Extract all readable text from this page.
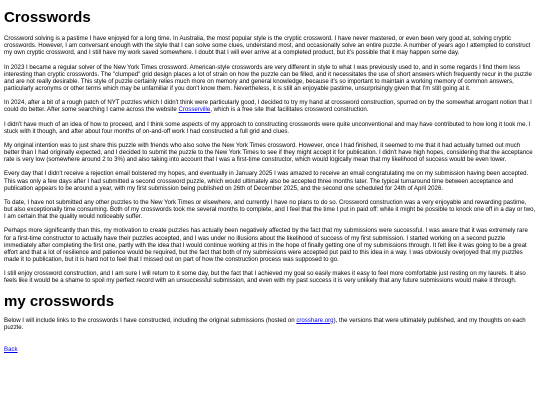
Crosswords

Crossword solving is a pastime I have enjoyed for a long time. In Australia, the most popular style is the cryptic crossword. I have never mastered, or even been very good at, solving cryptic crosswords. However, I am conversant enough with the style that I can solve some clues, understand most, and occasionally solve an entire puzzle. A number of years ago I attempted to construct my own cryptic crossword, and I still have my work saved somewhere. I doubt that I will ever arrive at a completed product, but it's possible that it may happen some day.

In 2023 I became a regular solver of the New York Times crossword. American-style crosswords are very different in style to what I was previously used to, and in some regards I find them less interesting than cryptic crosswords. The "clumped" grid design places a lot of strain on how the puzzle can be filled, and it necessitates the use of short answers which frequently recur in the puzzle and are not really desirable. This style of puzzle certainly relies much more on memory and general knowledge, because it's so important to maintain a working memory of common answers, particularly acronyms or other terms which may be unfamiliar if you don't know them. Nevertheless, it is still an enjoyable pastime, unsurprisingly given that I'm still going at it.

In 2024, after a bit of a rough patch of NYT puzzles which I didn't think were particularly good, I decided to try my hand at crossword construction, spurred on by the somewhat arrogant notion that I could do better. After some searching I came across the website Crosserville, which is a free site that facilitates crossword construction.

I didn't have much of an idea of how to proceed, and I think some aspects of my approach to constructing crosswords were quite unconventional and may have contributed to how long it took me. I stuck with it though, and after about four months of on-and-off work I had constructed a full grid and clues.

My original intention was to just share this puzzle with friends who also solve the New York Times crossword. However, once I had finished, it seemed to me that it had actually turned out much better than I had originally expected, and I decided to submit the puzzle to the New York Times to see if they might accept it for publication. I didn't have high hopes, considering that the acceptance rate is very low (somewhere around 2 to 3%) and also taking into account that I was a first-time constructor, which would logically mean that my likelihood of success would be even lower.

Every day that I didn't receive a rejection email bolstered my hopes, and eventually in January 2025 I was amazed to receive an email congratulating me on my submission having been accepted. This was only a few days after I had submitted a second crossword puzzle, which would ultimately also be accepted three months later. The typical turnaround time between acceptance and publication appears to be around a year, with my first submission being published on 26th of December 2025, and the second one scheduled for 24th of April 2026.

To date, I have not submitted any other puzzles to the New York Times or elsewhere, and currently I have no plans to do so. Crossword construction was a very enjoyable and rewarding pastime, but also exceptionally time consuming. Both of my crosswords took me several months to complete, and I feel that the time I put in paid off: while it might be possible to knock one off in a day or two, I am certain that the quality would noticeably suffer.

Perhaps more significantly than this, my motivation to create puzzles has actually been negatively affected by the fact that my submissions were successful. I was aware that it was extremely rare for a first-time constructor to actually have their puzzles accepted, and I was under no illusions about the likelihood of success of my first submission. I started working on a second puzzle immediately after completing the first one, partly with the idea that I would continue working at this in the hope of finally getting one of my submissions through. It felt like it was going to be a great effort and that a lot of resilience and patience would be required, but the fact that both of my submissions were accepted put paid to this idea in a way. I was obviously overjoyed that my puzzles made it to publication, but it is hard not to feel that I missed out on part of how the construction process was supposed to go.

I still enjoy crossword construction, and I am sure I will return to it some day, but the fact that I achieved my goal so easily makes it easy to feel more comfortable just resting on my laurels. It also feels like it would be a shame to spoil my perfect record with an unsuccessful submission, and even with my past success it is very unlikely that any future submissions would make it through.

my crosswords

Below I will include links to the crosswords I have constructed, including the original submissions (hosted on crosshare.org), the versions that were ultimately published, and my thoughts on each puzzle.

Back
